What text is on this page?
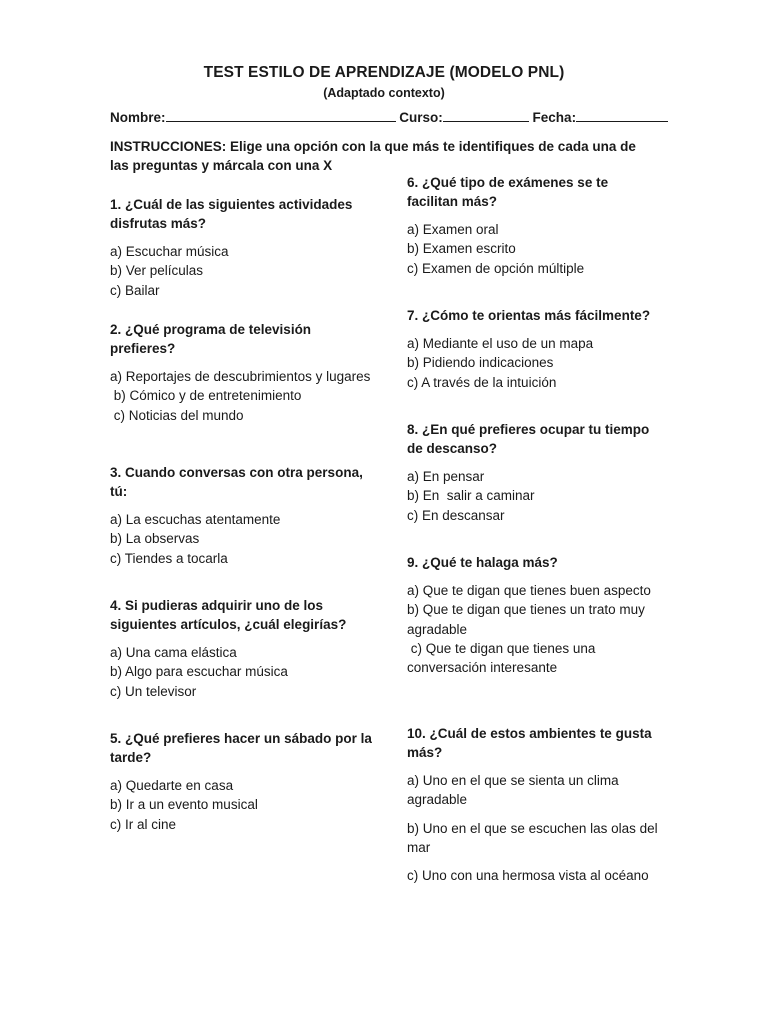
TEST ESTILO DE APRENDIZAJE (MODELO PNL)
(Adaptado contexto)
Nombre:	Curso:	Fecha:
INSTRUCCIONES: Elige una opción con la que más te identifiques de cada una de las preguntas y márcala con una X

1. ¿Cuál de las siguientes actividades disfrutas más?

a) Escuchar música

b) Ver películas

c) Bailar

2. ¿Qué programa de televisión prefieres?

a) Reportajes de descubrimientos y lugares

b) Cómico y de entretenimiento

c) Noticias del mundo

3. Cuando conversas con otra persona, tú:

a) La escuchas atentamente

b) La observas

c) Tiendes a tocarla

4. Si pudieras adquirir uno de los siguientes artículos, ¿cuál elegirías?

a) Una cama elástica

b) Algo para escuchar música

c) Un televisor

5. ¿Qué prefieres hacer un sábado por la tarde?

a) Quedarte en casa

b) Ir a un evento musical

c) Ir al cine

6. ¿Qué tipo de exámenes se te facilitan más?

a) Examen oral

b) Examen escrito

c) Examen de opción múltiple

7. ¿Cómo te orientas más fácilmente?

a) Mediante el uso de un mapa

b) Pidiendo indicaciones

c) A través de la intuición

8. ¿En qué prefieres ocupar tu tiempo de descanso?

a) En pensar

b) En  salir a caminar

c) En descansar

9. ¿Qué te halaga más?

a) Que te digan que tienes buen aspecto

b) Que te digan que tienes un trato muy agradable

c) Que te digan que tienes una conversación interesante

10. ¿Cuál de estos ambientes te gusta más?

a) Uno en el que se sienta un clima agradable

b) Uno en el que se escuchen las olas del mar

c) Uno con una hermosa vista al océano
